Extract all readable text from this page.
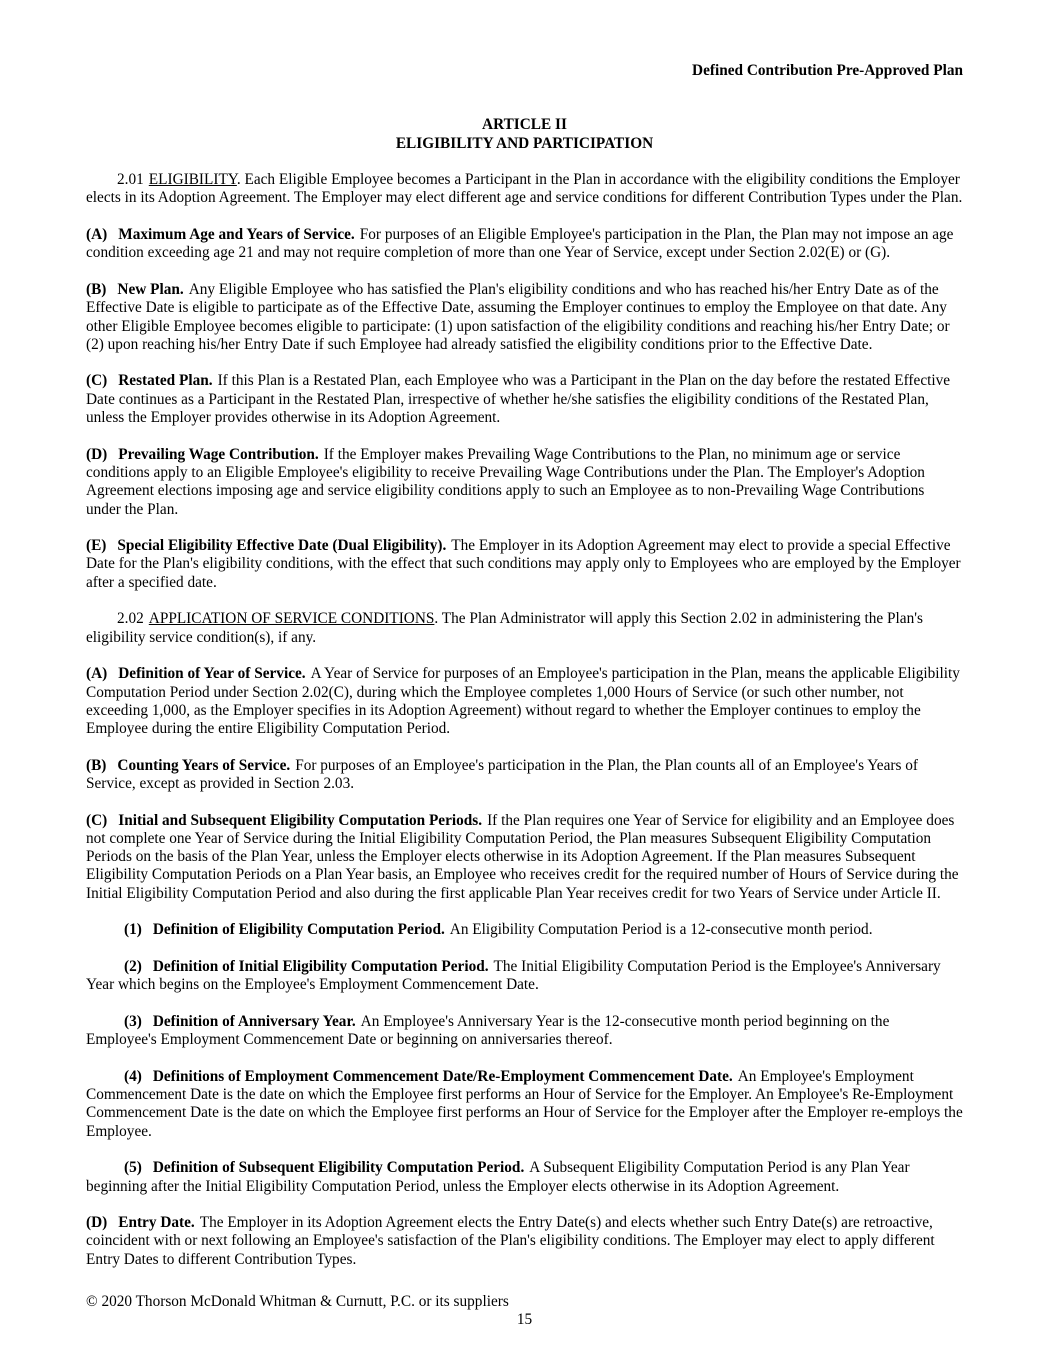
Defined Contribution Pre-Approved Plan
ARTICLE II
ELIGIBILITY AND PARTICIPATION

2.01 ELIGIBILITY. Each Eligible Employee becomes a Participant in the Plan in accordance with the eligibility conditions the Employer elects in its Adoption Agreement. The Employer may elect different age and service conditions for different Contribution Types under the Plan.

(A) Maximum Age and Years of Service. For purposes of an Eligible Employee's participation in the Plan, the Plan may not impose an age condition exceeding age 21 and may not require completion of more than one Year of Service, except under Section 2.02(E) or (G).

(B) New Plan. Any Eligible Employee who has satisfied the Plan's eligibility conditions and who has reached his/her Entry Date as of the Effective Date is eligible to participate as of the Effective Date, assuming the Employer continues to employ the Employee on that date. Any other Eligible Employee becomes eligible to participate: (1) upon satisfaction of the eligibility conditions and reaching his/her Entry Date; or (2) upon reaching his/her Entry Date if such Employee had already satisfied the eligibility conditions prior to the Effective Date.

(C) Restated Plan. If this Plan is a Restated Plan, each Employee who was a Participant in the Plan on the day before the restated Effective Date continues as a Participant in the Restated Plan, irrespective of whether he/she satisfies the eligibility conditions of the Restated Plan, unless the Employer provides otherwise in its Adoption Agreement.

(D) Prevailing Wage Contribution. If the Employer makes Prevailing Wage Contributions to the Plan, no minimum age or service conditions apply to an Eligible Employee's eligibility to receive Prevailing Wage Contributions under the Plan. The Employer's Adoption Agreement elections imposing age and service eligibility conditions apply to such an Employee as to non-Prevailing Wage Contributions under the Plan.

(E) Special Eligibility Effective Date (Dual Eligibility). The Employer in its Adoption Agreement may elect to provide a special Effective Date for the Plan's eligibility conditions, with the effect that such conditions may apply only to Employees who are employed by the Employer after a specified date.

2.02 APPLICATION OF SERVICE CONDITIONS. The Plan Administrator will apply this Section 2.02 in administering the Plan's eligibility service condition(s), if any.

(A) Definition of Year of Service. A Year of Service for purposes of an Employee's participation in the Plan, means the applicable Eligibility Computation Period under Section 2.02(C), during which the Employee completes 1,000 Hours of Service (or such other number, not exceeding 1,000, as the Employer specifies in its Adoption Agreement) without regard to whether the Employer continues to employ the Employee during the entire Eligibility Computation Period.

(B) Counting Years of Service. For purposes of an Employee's participation in the Plan, the Plan counts all of an Employee's Years of Service, except as provided in Section 2.03.

(C) Initial and Subsequent Eligibility Computation Periods. If the Plan requires one Year of Service for eligibility and an Employee does not complete one Year of Service during the Initial Eligibility Computation Period, the Plan measures Subsequent Eligibility Computation Periods on the basis of the Plan Year, unless the Employer elects otherwise in its Adoption Agreement. If the Plan measures Subsequent Eligibility Computation Periods on a Plan Year basis, an Employee who receives credit for the required number of Hours of Service during the Initial Eligibility Computation Period and also during the first applicable Plan Year receives credit for two Years of Service under Article II.

(1) Definition of Eligibility Computation Period. An Eligibility Computation Period is a 12-consecutive month period.

(2) Definition of Initial Eligibility Computation Period. The Initial Eligibility Computation Period is the Employee's Anniversary Year which begins on the Employee's Employment Commencement Date.

(3) Definition of Anniversary Year. An Employee's Anniversary Year is the 12-consecutive month period beginning on the Employee's Employment Commencement Date or beginning on anniversaries thereof.

(4) Definitions of Employment Commencement Date/Re-Employment Commencement Date. An Employee's Employment Commencement Date is the date on which the Employee first performs an Hour of Service for the Employer. An Employee's Re-Employment Commencement Date is the date on which the Employee first performs an Hour of Service for the Employer after the Employer re-employs the Employee.

(5) Definition of Subsequent Eligibility Computation Period. A Subsequent Eligibility Computation Period is any Plan Year beginning after the Initial Eligibility Computation Period, unless the Employer elects otherwise in its Adoption Agreement.

(D) Entry Date. The Employer in its Adoption Agreement elects the Entry Date(s) and elects whether such Entry Date(s) are retroactive, coincident with or next following an Employee's satisfaction of the Plan's eligibility conditions. The Employer may elect to apply different Entry Dates to different Contribution Types.

© 2020 Thorson McDonald Whitman & Curnutt, P.C. or its suppliers
15
